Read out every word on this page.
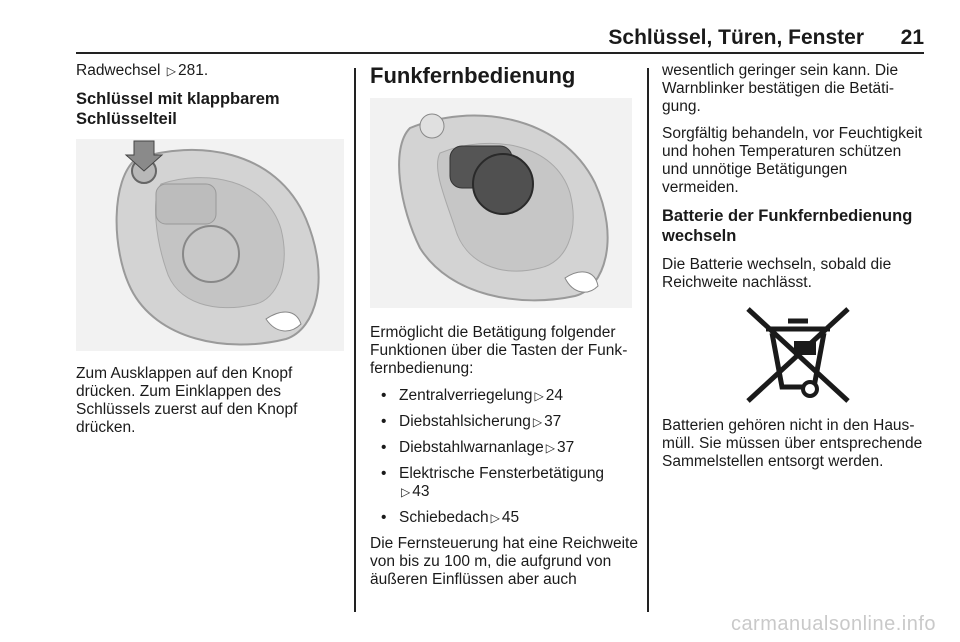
Schlüssel, Türen, Fenster 21

Radwechsel ▷ 281.

Schlüssel mit klappbarem Schlüsselteil

Zum Ausklappen auf den Knopf drücken. Zum Einklappen des Schlüssels zuerst auf den Knopf drücken.

Funkfernbedienung

Ermöglicht die Betätigung folgender Funktionen über die Tasten der Funkfernbedienung:

• Zentralverriegelung ▷ 24
• Diebstahlsicherung ▷ 37
• Diebstahlwarnanlage ▷ 37
• Elektrische Fensterbetätigung
▷ 43
• Schiebedach ▷ 45

Die Fernsteuerung hat eine Reichweite von bis zu 100 m, die aufgrund von äußeren Einflüssen aber auch

wesentlich geringer sein kann. Die Warnblinker bestätigen die Betätigung.

Sorgfältig behandeln, vor Feuchtigkeit und hohen Temperaturen schützen und unnötige Betätigungen vermeiden.

Batterie der Funkfernbedienung wechseln

Die Batterie wechseln, sobald die Reichweite nachlässt.

Batterien gehören nicht in den Hausmüll. Sie müssen über entsprechende Sammelstellen entsorgt werden.

carmanualsonline.info
